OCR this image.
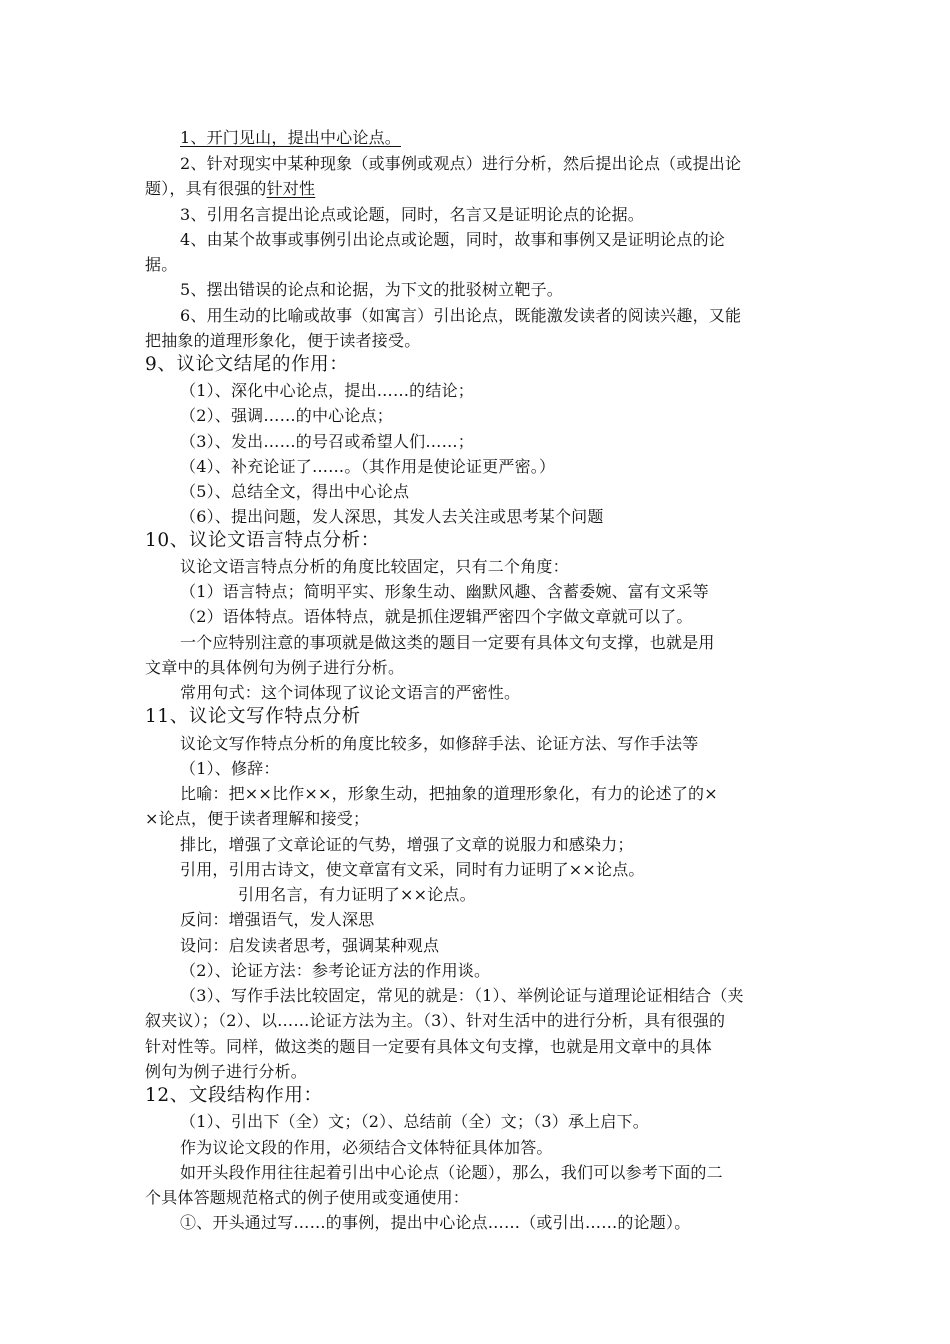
1、开门见山，提出中心论点。
2、针对现实中某种现象（或事例或观点）进行分析，然后提出论点（或提出论
题），具有很强的针对性
3、引用名言提出论点或论题，同时，名言又是证明论点的论据。
4、由某个故事或事例引出论点或论题，同时，故事和事例又是证明论点的论
据。
5、摆出错误的论点和论据，为下文的批驳树立靶子。
6、用生动的比喻或故事（如寓言）引出论点，既能激发读者的阅读兴趣，又能
把抽象的道理形象化，便于读者接受。
9、议论文结尾的作用：
（1）、深化中心论点，提出……的结论；
（2）、强调……的中心论点；
（3）、发出……的号召或希望人们……；
（4）、补充论证了……。（其作用是使论证更严密。）
（5）、总结全文，得出中心论点
（6）、提出问题，发人深思，其发人去关注或思考某个问题
10、议论文语言特点分析：
议论文语言特点分析的角度比较固定，只有二个角度：
（1）语言特点；简明平实、形象生动、幽默风趣、含蓄委婉、富有文采等
（2）语体特点。语体特点，就是抓住逻辑严密四个字做文章就可以了。
一个应特别注意的事项就是做这类的题目一定要有具体文句支撑，也就是用
文章中的具体例句为例子进行分析。
常用句式：这个词体现了议论文语言的严密性。
11、议论文写作特点分析
议论文写作特点分析的角度比较多，如修辞手法、论证方法、写作手法等
（1）、修辞：
比喻：把××比作××，形象生动，把抽象的道理形象化，有力的论述了的×
×论点，便于读者理解和接受；
排比，增强了文章论证的气势，增强了文章的说服力和感染力；
引用，引用古诗文，使文章富有文采，同时有力证明了××论点。
引用名言，有力证明了××论点。
反问：增强语气，发人深思
设问：启发读者思考，强调某种观点
（2）、论证方法：参考论证方法的作用谈。
（3）、写作手法比较固定，常见的就是：（1）、举例论证与道理论证相结合（夹
叙夹议）；（2）、以……论证方法为主。（3）、针对生活中的进行分析，具有很强的
针对性等。同样，做这类的题目一定要有具体文句支撑，也就是用文章中的具体
例句为例子进行分析。
12、文段结构作用：
（1）、引出下（全）文；（2）、总结前（全）文；（3）承上启下。
作为议论文段的作用，必须结合文体特征具体加答。
如开头段作用往往起着引出中心论点（论题），那么，我们可以参考下面的二
个具体答题规范格式的例子使用或变通使用：
①、开头通过写……的事例，提出中心论点……（或引出……的论题）。
